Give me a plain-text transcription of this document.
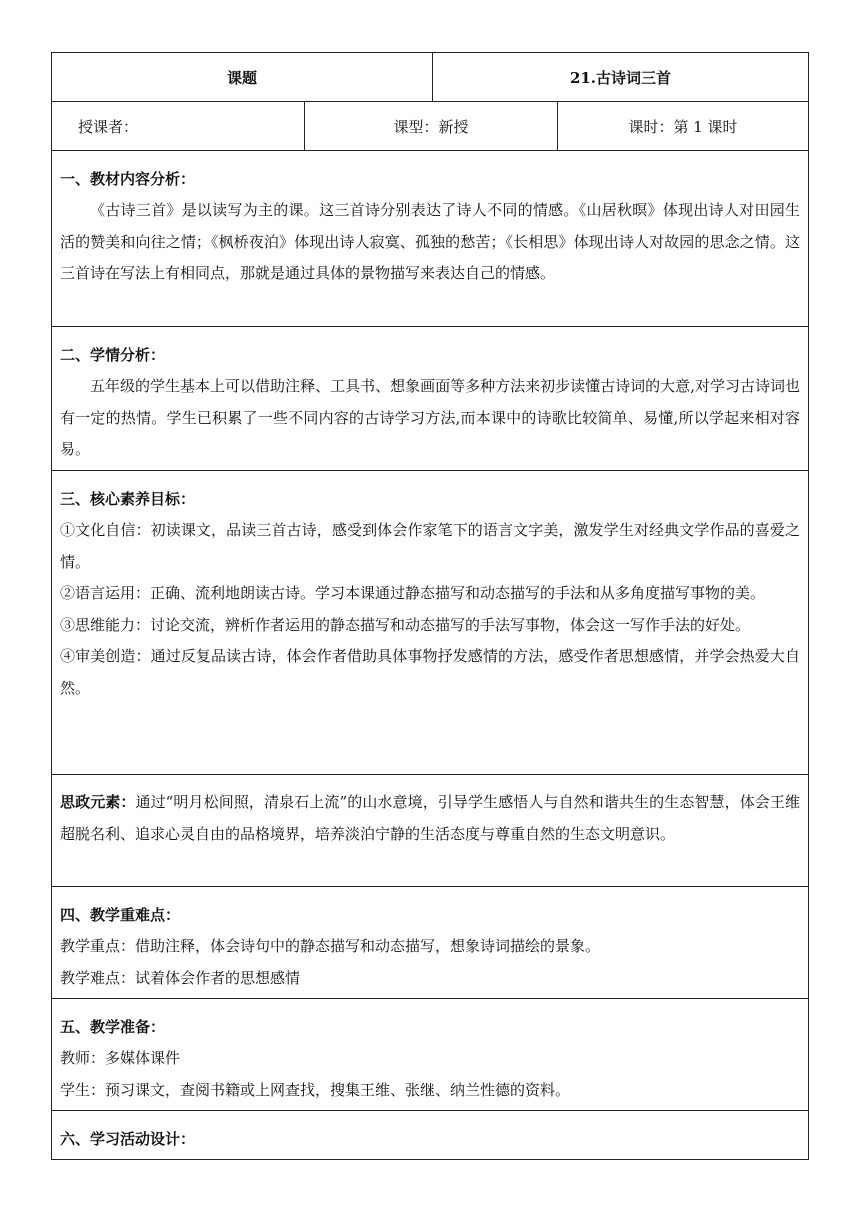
课题	21.古诗词三首
授课者：	课型：新授	课时：第 1 课时
一、教材内容分析：

《古诗三首》是以读写为主的课。这三首诗分别表达了诗人不同的情感。《山居秋暝》体现出诗人对田园生活的赞美和向往之情；《枫桥夜泊》体现出诗人寂寞、孤独的愁苦；《长相思》体现出诗人对故园的思念之情。这三首诗在写法上有相同点，那就是通过具体的景物描写来表达自己的情感。

二、学情分析：

五年级的学生基本上可以借助注释、工具书、想象画面等多种方法来初步读懂古诗词的大意,对学习古诗词也有一定的热情。学生已积累了一些不同内容的古诗学习方法,而本课中的诗歌比较简单、易懂,所以学起来相对容易。

三、核心素养目标：

①文化自信：初读课文，品读三首古诗，感受到体会作家笔下的语言文字美，激发学生对经典文学作品的喜爱之情。

②语言运用：正确、流利地朗读古诗。学习本课通过静态描写和动态描写的手法和从多角度描写事物的美。

③思维能力：讨论交流，辨析作者运用的静态描写和动态描写的手法写事物，体会这一写作手法的好处。

④审美创造：通过反复品读古诗，体会作者借助具体事物抒发感情的方法，感受作者思想感情，并学会热爱大自然。

思政元素：通过“明月松间照，清泉石上流”的山水意境，引导学生感悟人与自然和谐共生的生态智慧，体会王维超脱名利、追求心灵自由的品格境界，培养淡泊宁静的生活态度与尊重自然的生态文明意识。

四、教学重难点：

教学重点：借助注释，体会诗句中的静态描写和动态描写，想象诗词描绘的景象。

教学难点：试着体会作者的思想感情

五、教学准备：

教师：多媒体课件

学生：预习课文，查阅书籍或上网查找，搜集王维、张继、纳兰性德的资料。

六、学习活动设计：
